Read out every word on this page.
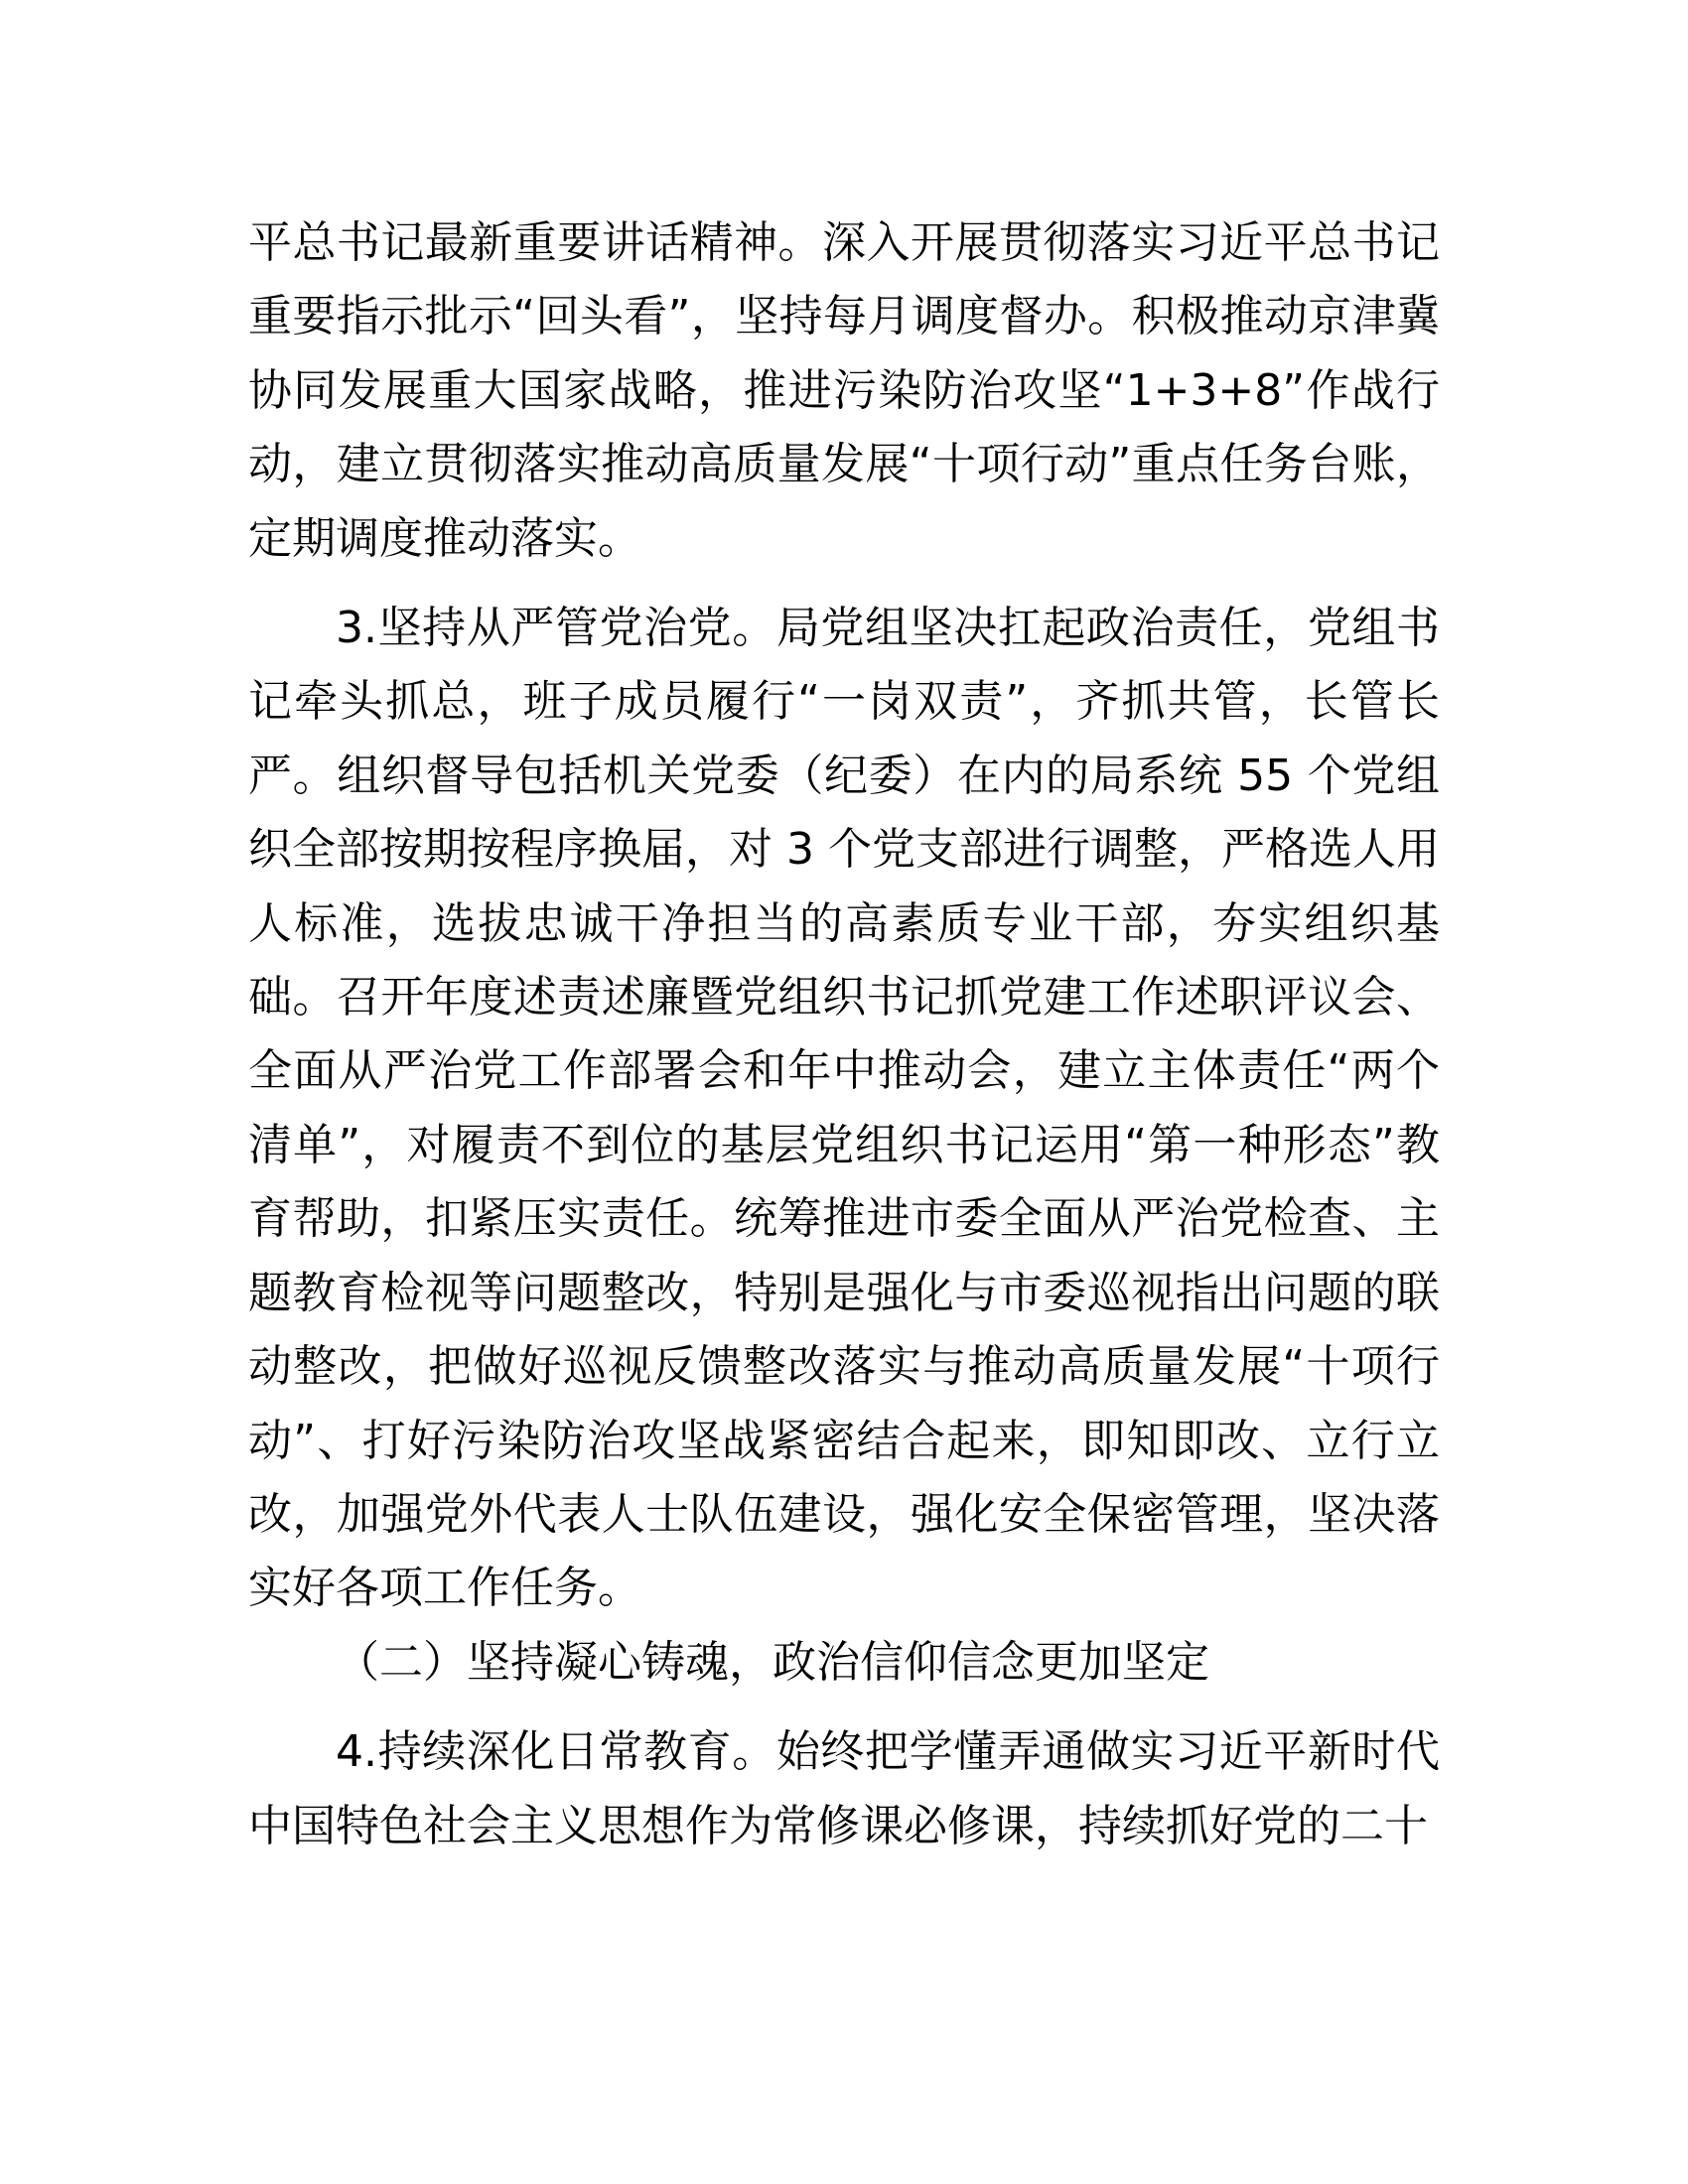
平总书记最新重要讲话精神。深入开展贯彻落实习近平总书记重要指示批示“回头看”，坚持每月调度督办。积极推动京津冀协同发展重大国家战略，推进污染防治攻坚“1+3+8”作战行动，建立贯彻落实推动高质量发展“十项行动”重点任务台账，定期调度推动落实。

3.坚持从严管党治党。局党组坚决扛起政治责任，党组书记牵头抓总，班子成员履行“一岗双责”，齐抓共管，长管长严。组织督导包括机关党委（纪委）在内的局系统 55 个党组织全部按期按程序换届，对 3 个党支部进行调整，严格选人用人标准，选拔忠诚干净担当的高素质专业干部，夯实组织基础。召开年度述责述廉暨党组织书记抓党建工作述职评议会、全面从严治党工作部署会和年中推动会，建立主体责任“两个清单”，对履责不到位的基层党组织书记运用“第一种形态”教育帮助，扣紧压实责任。统筹推进市委全面从严治党检查、主题教育检视等问题整改，特别是强化与市委巡视指出问题的联动整改，把做好巡视反馈整改落实与推动高质量发展“十项行动”、打好污染防治攻坚战紧密结合起来，即知即改、立行立改，加强党外代表人士队伍建设，强化安全保密管理，坚决落实好各项工作任务。

（二）坚持凝心铸魂，政治信仰信念更加坚定

4.持续深化日常教育。始终把学懂弄通做实习近平新时代中国特色社会主义思想作为常修课必修课，持续抓好党的二十
